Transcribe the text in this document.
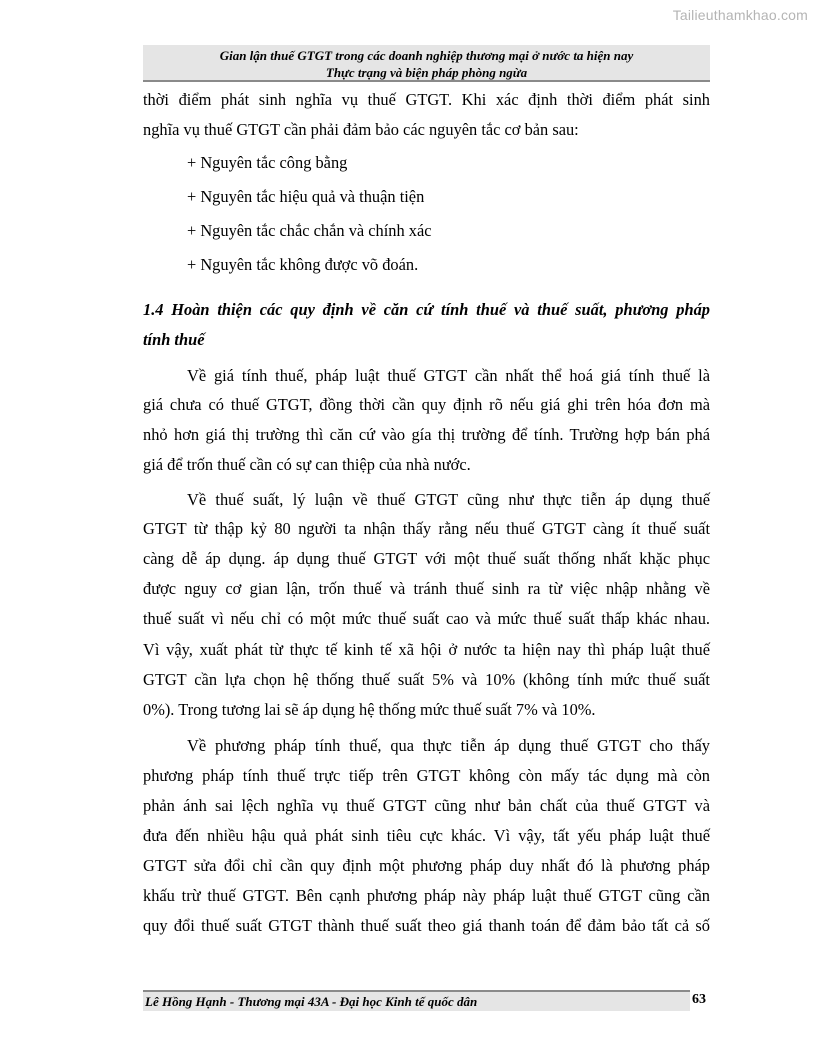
Tailieuthamkhao.com
Gian lận thuế GTGT trong các doanh nghiệp thương mại ở nước ta hiện nay
Thực trạng và biện pháp phòng ngừa
thời điểm phát sinh nghĩa vụ thuế GTGT. Khi xác định thời điểm phát sinh
nghĩa vụ thuế GTGT cần phải đảm bảo các nguyên tắc cơ bản sau:
+ Nguyên tắc công bằng
+ Nguyên tắc hiệu quả và thuận tiện
+ Nguyên tắc chắc chắn và chính xác
+ Nguyên tắc không được võ đoán.
1.4 Hoàn thiện các quy định về căn cứ tính thuế và thuế suất, phương pháp
tính thuế
Về giá tính thuế, pháp luật thuế GTGT cần nhất thể hoá giá tính thuế là
giá chưa có thuế GTGT, đồng thời cần quy định rõ nếu giá ghi trên hóa đơn mà
nhỏ hơn giá thị trường thì căn cứ vào gía thị trường để tính. Trường hợp bán phá
giá để trốn thuế cần có sự can thiệp của nhà nước.
Về thuế suất, lý luận về thuế GTGT cũng như thực tiễn áp dụng thuế
GTGT từ thập kỷ 80 người ta nhận thấy rằng nếu thuế GTGT càng ít thuế suất
càng dễ áp dụng. áp dụng thuế GTGT với một thuế suất thống nhất khặc phục
được nguy cơ gian lận, trốn thuế và tránh thuế sinh ra từ việc nhập nhằng về
thuế suất vì nếu chỉ có một mức thuế suất cao và mức thuế suất thấp khác nhau.
Vì vậy, xuất phát từ thực tế kinh tế xã hội ở nước ta hiện nay thì pháp luật thuế
GTGT cần lựa chọn hệ thống thuế suất 5% và 10% (không tính mức thuế suất
0%). Trong tương lai sẽ áp dụng hệ thống mức thuế suất 7% và 10%.
Về phương pháp tính thuế, qua thực tiễn áp dụng thuế GTGT cho thấy
phương pháp tính thuế trực tiếp trên GTGT không còn mấy tác dụng mà còn
phản ánh sai lệch nghĩa vụ thuế GTGT cũng như bản chất của thuế GTGT và
đưa đến nhiều hậu quả phát sinh tiêu cực khác. Vì vậy, tất yếu pháp luật thuế
GTGT sửa đổi chỉ cần quy định một phương pháp duy nhất đó là phương pháp
khấu trừ thuế GTGT. Bên cạnh phương pháp này pháp luật thuế GTGT cũng cần
quy đổi thuế suất GTGT thành thuế suất theo giá thanh toán để đảm bảo tất cả số
Lê Hồng Hạnh - Thương mại 43A - Đại học Kinh tế quốc dân	63
